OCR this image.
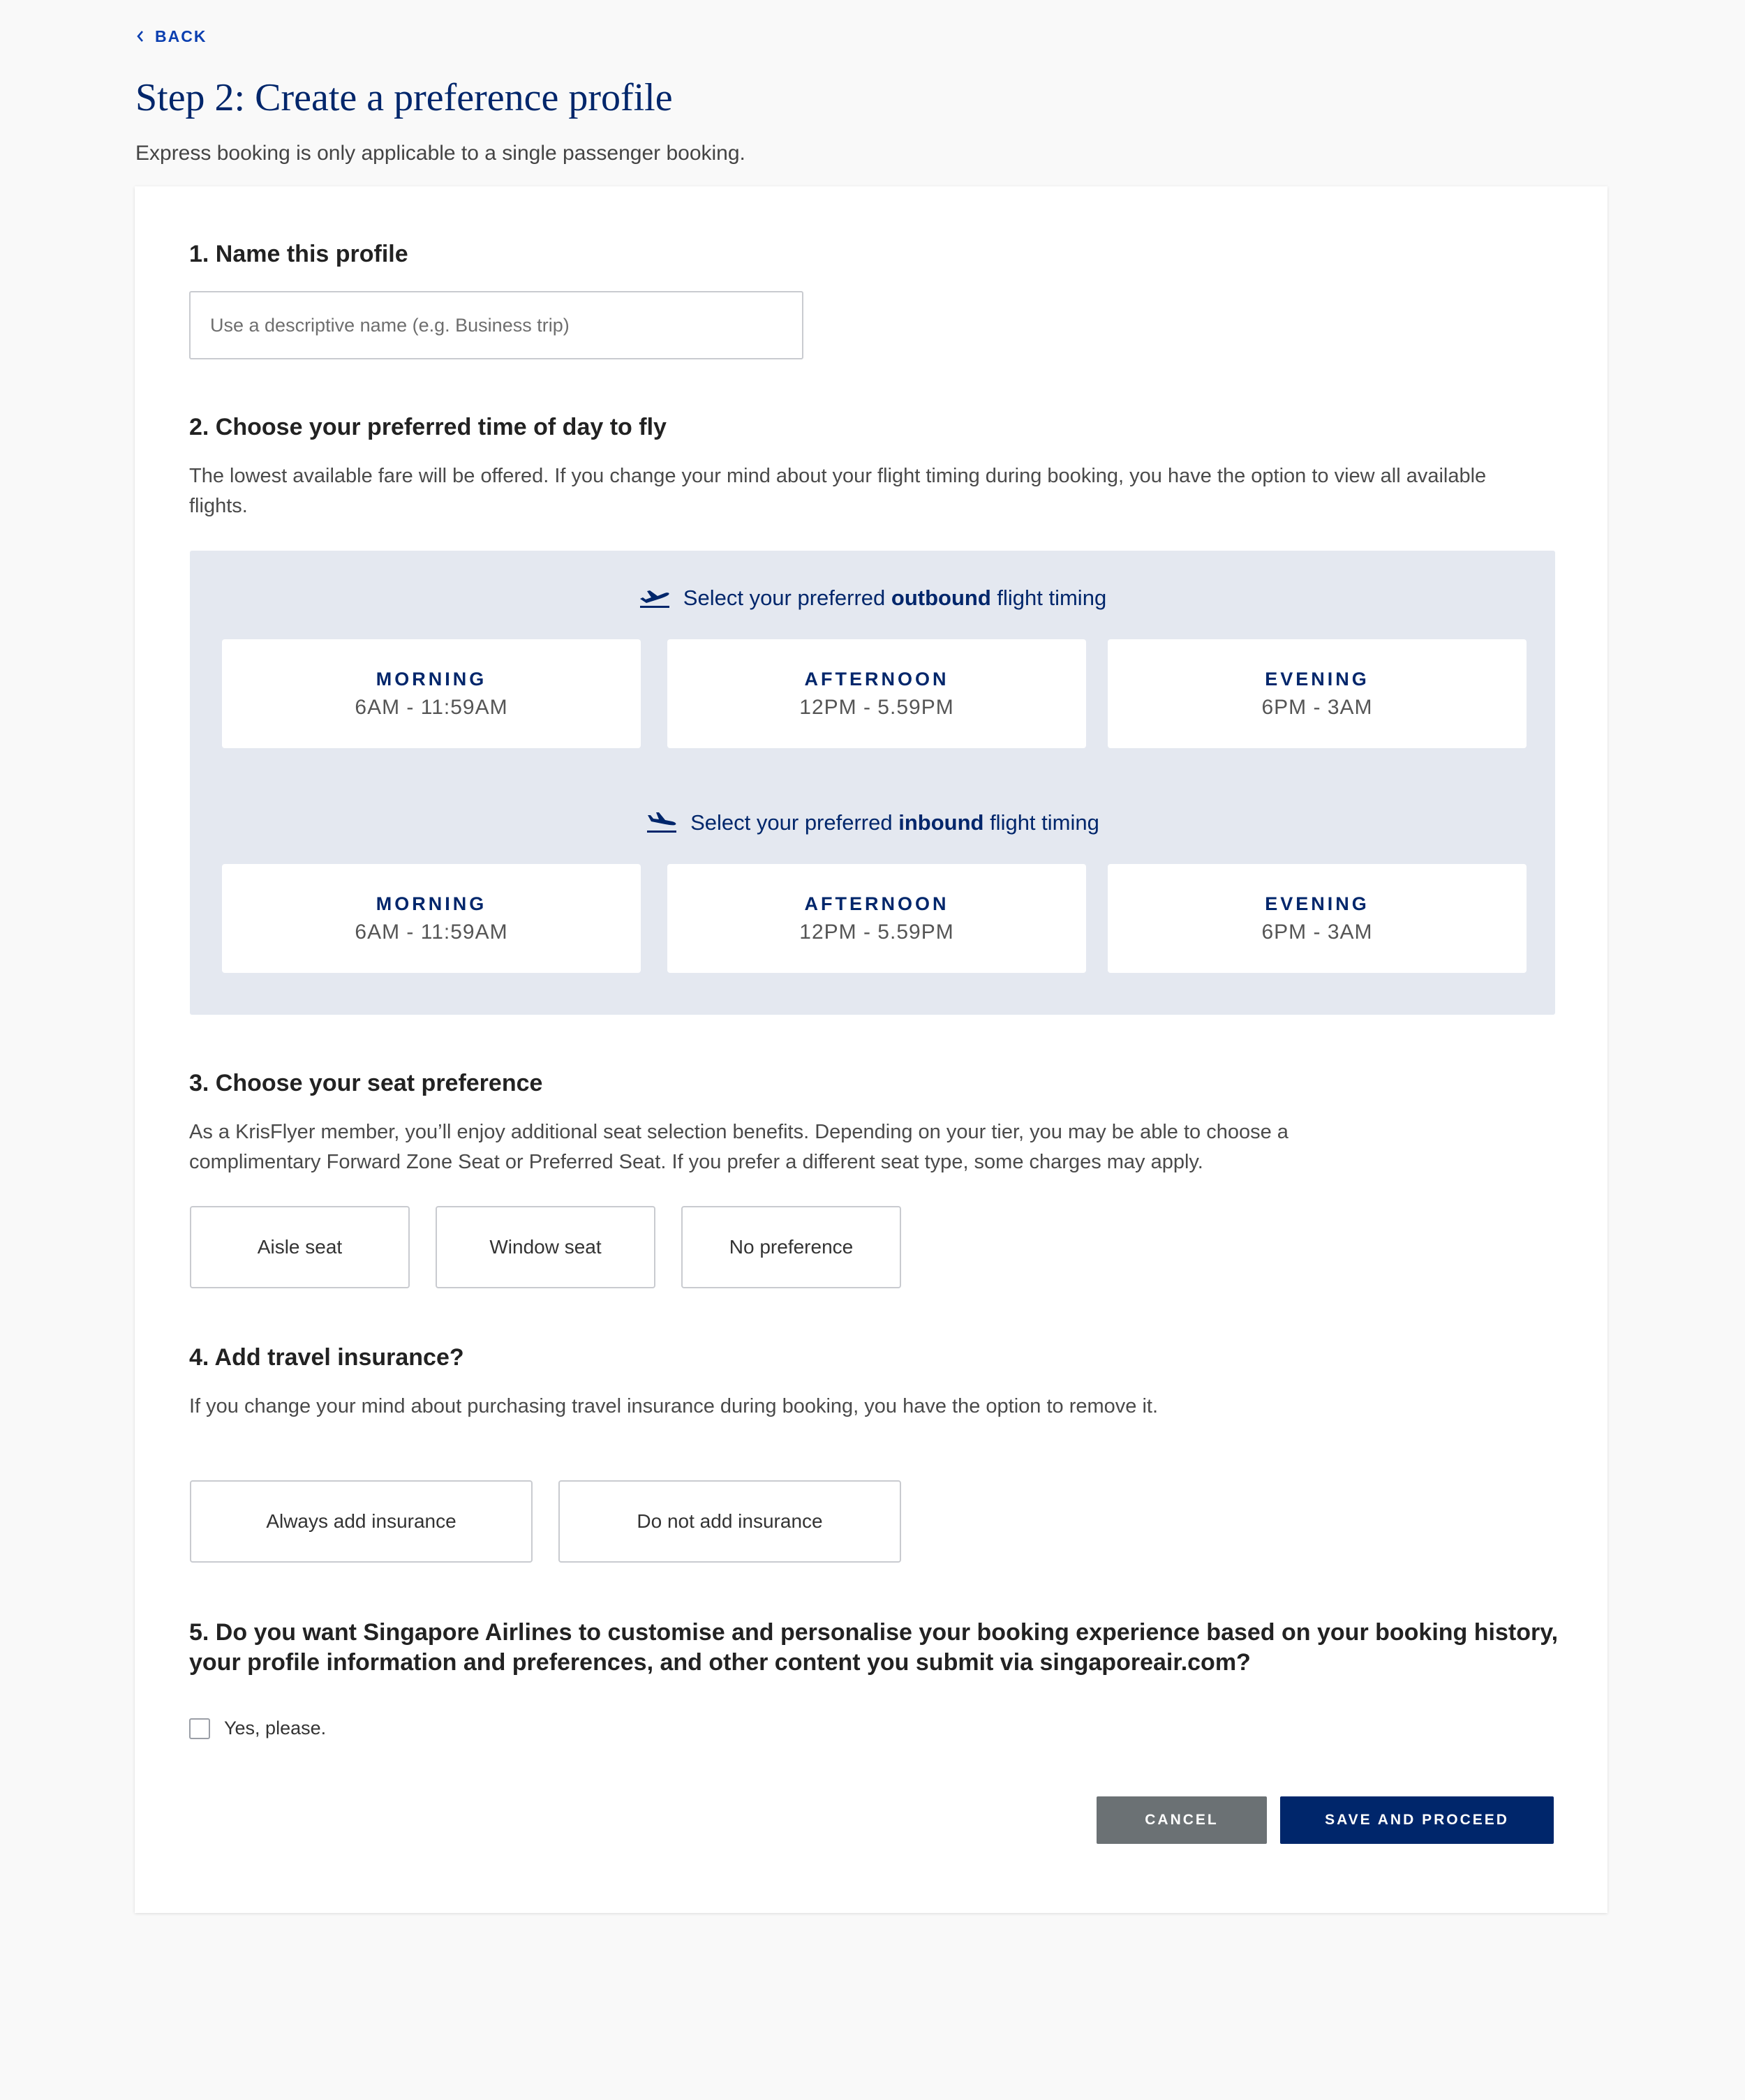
BACK
Step 2: Create a preference profile
Express booking is only applicable to a single passenger booking.
1. Name this profile
Use a descriptive name (e.g. Business trip)
2. Choose your preferred time of day to fly
The lowest available fare will be offered. If you change your mind about your flight timing during booking, you have the option to view all available flights.
Select your preferred outbound flight timing
MORNING
6AM - 11:59AM
AFTERNOON
12PM - 5.59PM
EVENING
6PM - 3AM
Select your preferred inbound flight timing
MORNING
6AM - 11:59AM
AFTERNOON
12PM - 5.59PM
EVENING
6PM - 3AM
3. Choose your seat preference
As a KrisFlyer member, you’ll enjoy additional seat selection benefits. Depending on your tier, you may be able to choose a
complimentary Forward Zone Seat or Preferred Seat. If you prefer a different seat type, some charges may apply.
Aisle seat	Window seat	No preference
4. Add travel insurance?
If you change your mind about purchasing travel insurance during booking, you have the option to remove it.
Always add insurance	Do not add insurance
5. Do you want Singapore Airlines to customise and personalise your booking experience based on your booking history,
your profile information and preferences, and other content you submit via singaporeair.com?
Yes, please.
CANCEL	SAVE AND PROCEED
